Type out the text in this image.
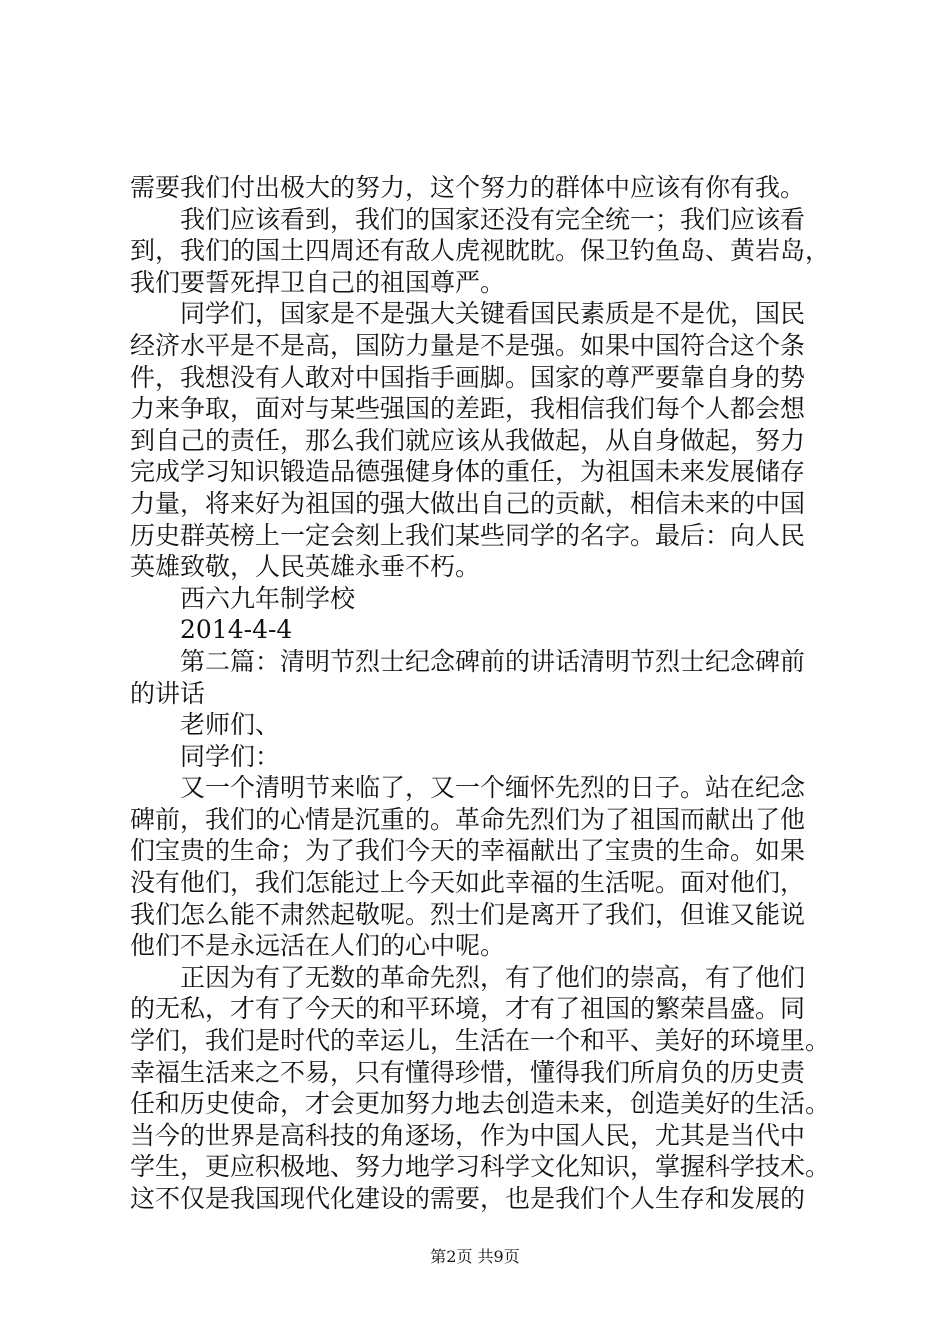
需要我们付出极大的努力，这个努力的群体中应该有你有我。
我们应该看到，我们的国家还没有完全统一；我们应该看
到，我们的国土四周还有敌人虎视眈眈。保卫钓鱼岛、黄岩岛，
我们要誓死捍卫自己的祖国尊严。
同学们，国家是不是强大关键看国民素质是不是优，国民
经济水平是不是高，国防力量是不是强。如果中国符合这个条
件，我想没有人敢对中国指手画脚。国家的尊严要靠自身的势
力来争取，面对与某些强国的差距，我相信我们每个人都会想
到自己的责任，那么我们就应该从我做起，从自身做起，努力
完成学习知识锻造品德强健身体的重任，为祖国未来发展储存
力量，将来好为祖国的强大做出自己的贡献，相信未来的中国
历史群英榜上一定会刻上我们某些同学的名字。最后：向人民
英雄致敬，人民英雄永垂不朽。
西六九年制学校
2014-4-4
第二篇：清明节烈士纪念碑前的讲话清明节烈士纪念碑前
的讲话
老师们、
同学们：
又一个清明节来临了，又一个缅怀先烈的日子。站在纪念
碑前，我们的心情是沉重的。革命先烈们为了祖国而献出了他
们宝贵的生命；为了我们今天的幸福献出了宝贵的生命。如果
没有他们，我们怎能过上今天如此幸福的生活呢。面对他们，
我们怎么能不肃然起敬呢。烈士们是离开了我们，但谁又能说
他们不是永远活在人们的心中呢。
正因为有了无数的革命先烈，有了他们的崇高，有了他们
的无私，才有了今天的和平环境，才有了祖国的繁荣昌盛。同
学们，我们是时代的幸运儿，生活在一个和平、美好的环境里。
幸福生活来之不易，只有懂得珍惜，懂得我们所肩负的历史责
任和历史使命，才会更加努力地去创造未来，创造美好的生活。
当今的世界是高科技的角逐场，作为中国人民，尤其是当代中
学生，更应积极地、努力地学习科学文化知识，掌握科学技术。
这不仅是我国现代化建设的需要，也是我们个人生存和发展的
第2页 共9页
